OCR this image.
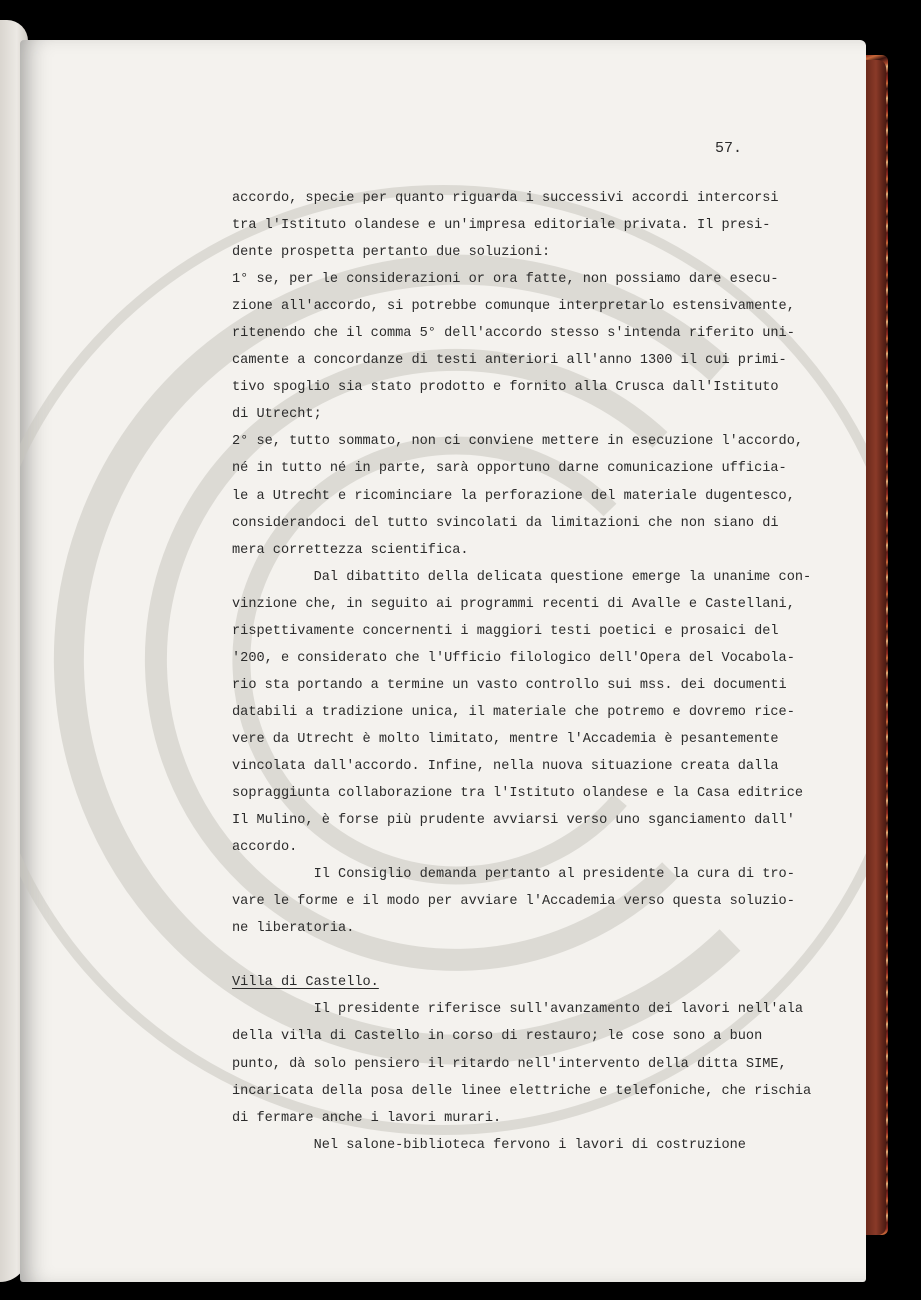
57.

accordo, specie per quanto riguarda i successivi accordi intercorsi
tra l'Istituto olandese e un'impresa editoriale privata. Il presi-
dente prospetta pertanto due soluzioni:
1° se, per le considerazioni or ora fatte, non possiamo dare esecu-
zione all'accordo, si potrebbe comunque interpretarlo estensivamente,
ritenendo che il comma 5° dell'accordo stesso s'intenda riferito uni-
camente a concordanze di testi anteriori all'anno 1300 il cui primi-
tivo spoglio sia stato prodotto e fornito alla Crusca dall'Istituto
di Utrecht;
2° se, tutto sommato, non ci conviene mettere in esecuzione l'accordo,
né in tutto né in parte, sarà opportuno darne comunicazione ufficia-
le a Utrecht e ricominciare la perforazione del materiale dugentesco,
considerandoci del tutto svincolati da limitazioni che non siano di
mera correttezza scientifica.
Dal dibattito della delicata questione emerge la unanime con-
vinzione che, in seguito ai programmi recenti di Avalle e Castellani,
rispettivamente concernenti i maggiori testi poetici e prosaici del
'200, e considerato che l'Ufficio filologico dell'Opera del Vocabola-
rio sta portando a termine un vasto controllo sui mss. dei documenti
databili a tradizione unica, il materiale che potremo e dovremo rice-
vere da Utrecht è molto limitato, mentre l'Accademia è pesantemente
vincolata dall'accordo. Infine, nella nuova situazione creata dalla
sopraggiunta collaborazione tra l'Istituto olandese e la Casa editrice
Il Mulino, è forse più prudente avviarsi verso uno sganciamento dall'
accordo.
Il Consiglio demanda pertanto al presidente la cura di tro-
vare le forme e il modo per avviare l'Accademia verso questa soluzio-
ne liberatoria.

Villa di Castello.
Il presidente riferisce sull'avanzamento dei lavori nell'ala
della villa di Castello in corso di restauro; le cose sono a buon
punto, dà solo pensiero il ritardo nell'intervento della ditta SIME,
incaricata della posa delle linee elettriche e telefoniche, che rischia
di fermare anche i lavori murari.
Nel salone-biblioteca fervono i lavori di costruzione
